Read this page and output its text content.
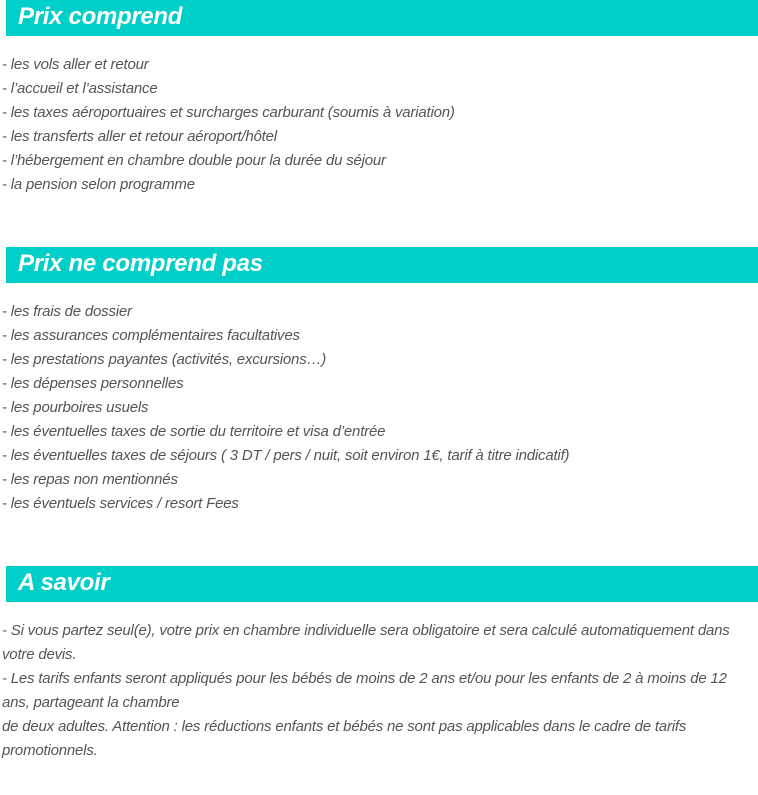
Prix comprend
- les vols aller et retour
- l’accueil et l’assistance
- les taxes aéroportuaires et surcharges carburant (soumis à variation)
- les transferts aller et retour aéroport/hôtel
- l’hébergement en chambre double pour la durée du séjour
- la pension selon programme
Prix ne comprend pas
- les frais de dossier
- les assurances complémentaires facultatives
- les prestations payantes (activités, excursions…)
- les dépenses personnelles
- les pourboires usuels
- les éventuelles taxes de sortie du territoire et visa d’entrée
- les éventuelles taxes de séjours ( 3 DT / pers / nuit, soit environ 1€, tarif à titre indicatif)
- les repas non mentionnés
- les éventuels services / resort Fees
A savoir
- Si vous partez seul(e), votre prix en chambre individuelle sera obligatoire et sera calculé automatiquement dans votre devis.
- Les tarifs enfants seront appliqués pour les bébés de moins de 2 ans et/ou pour les enfants de 2 à moins de 12 ans, partageant la chambre
de deux adultes. Attention : les réductions enfants et bébés ne sont pas applicables dans le cadre de tarifs promotionnels.
